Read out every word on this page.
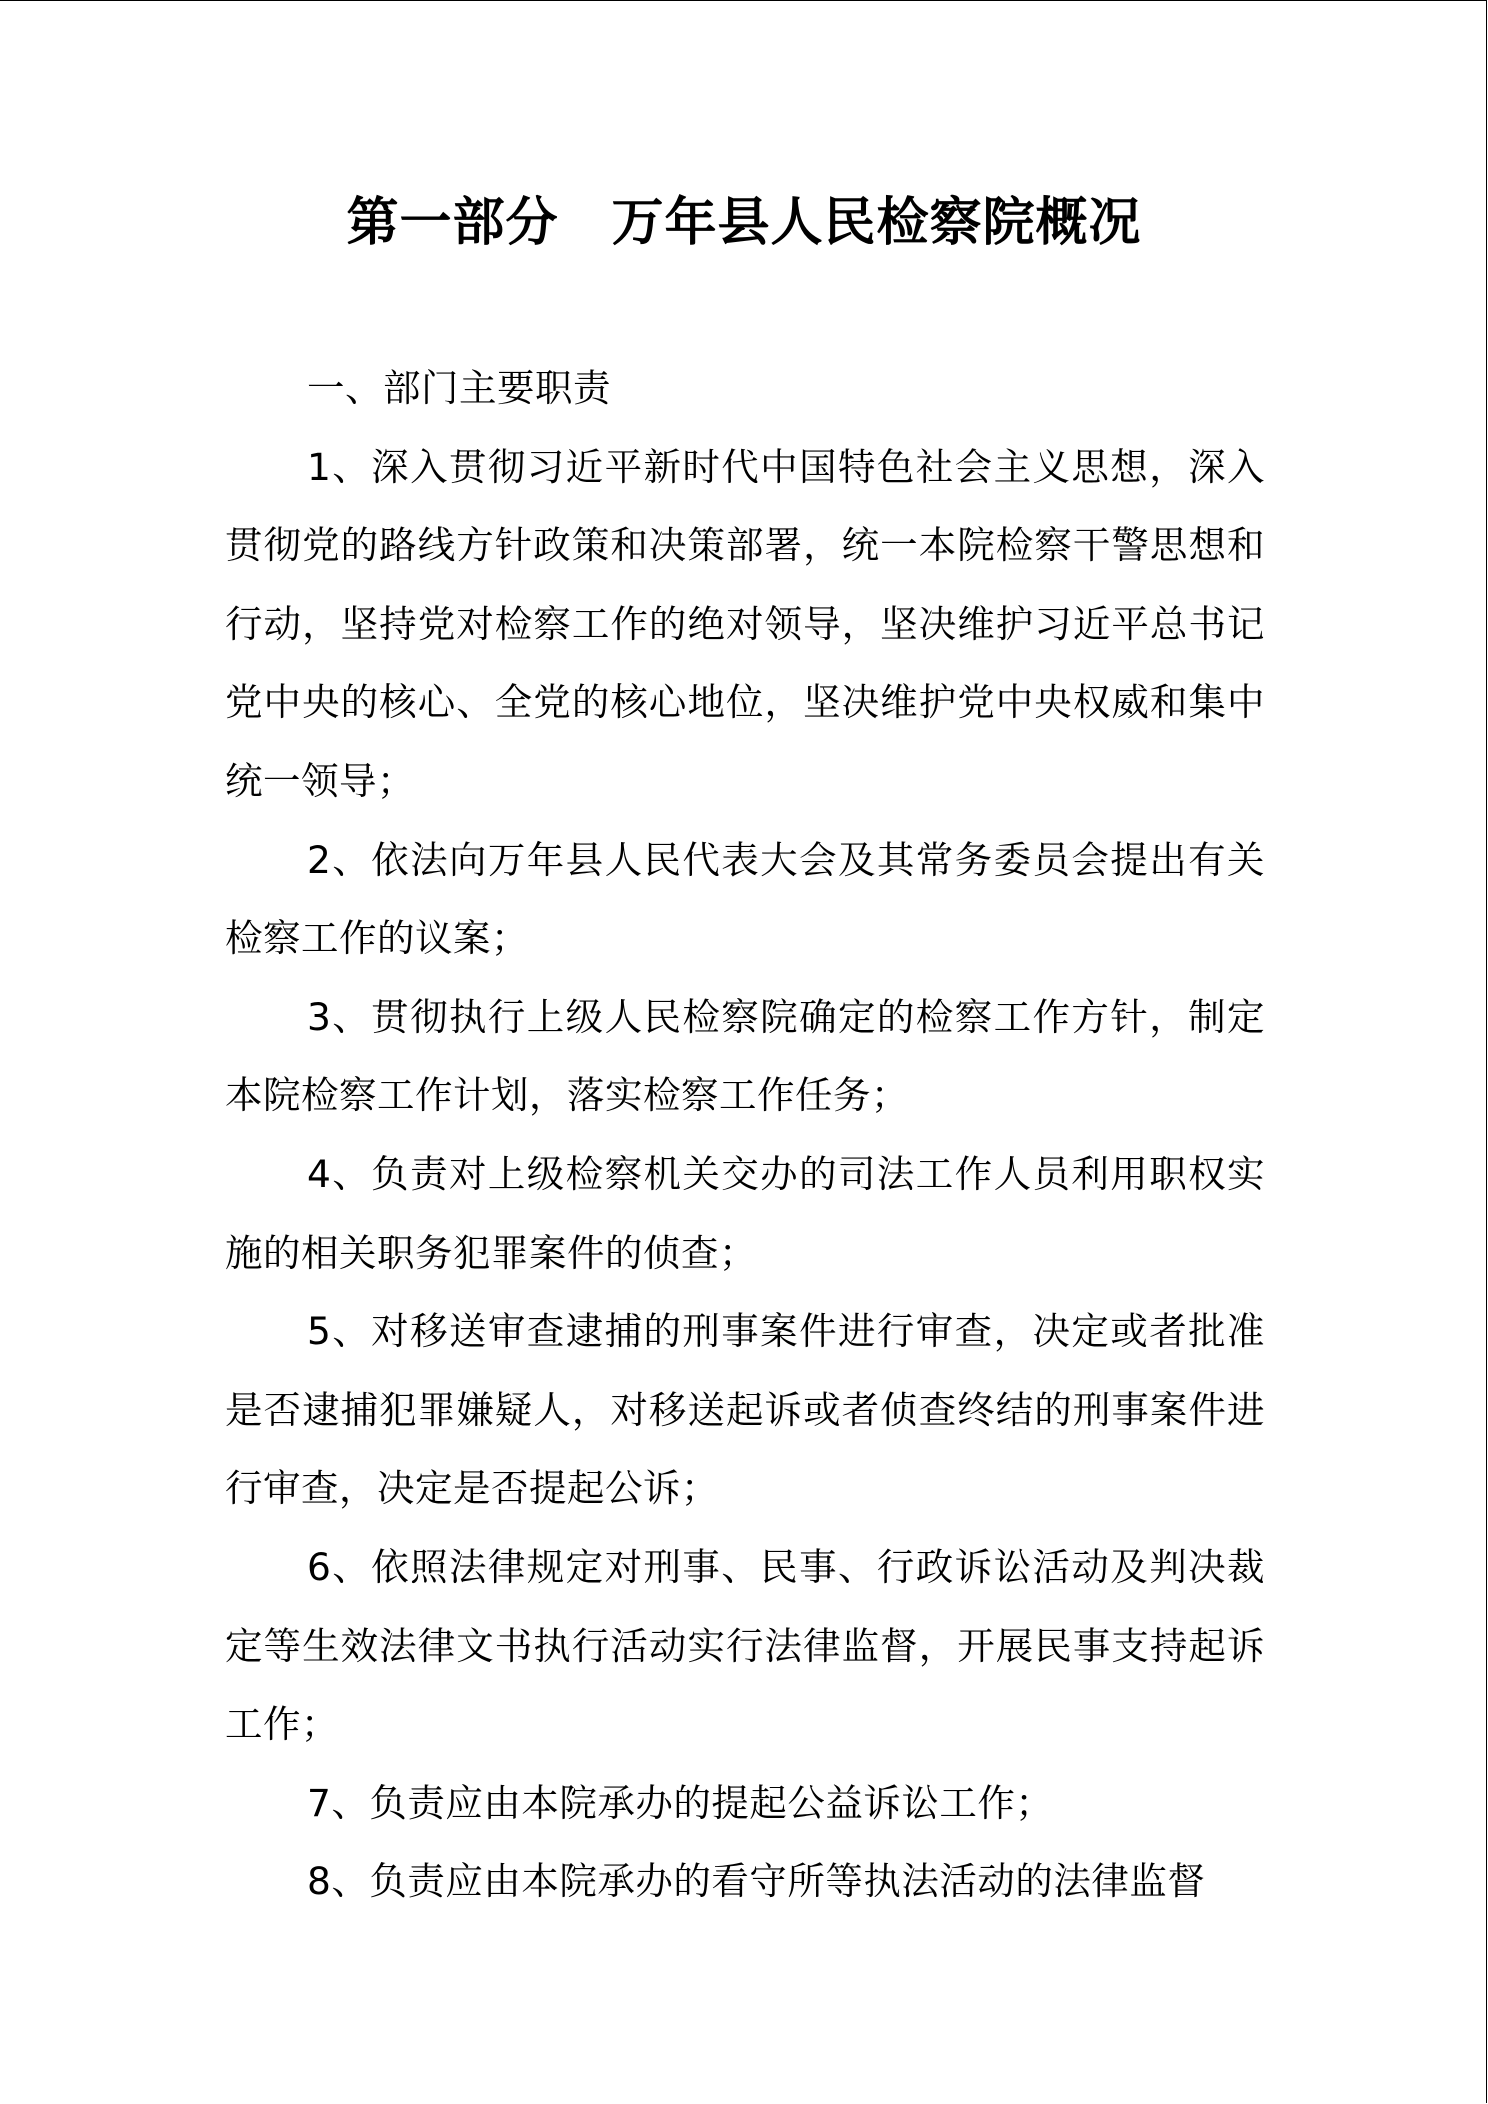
第一部分　万年县人民检察院概况

一、部门主要职责

1、深入贯彻习近平新时代中国特色社会主义思想，深入贯彻党的路线方针政策和决策部署，统一本院检察干警思想和行动，坚持党对检察工作的绝对领导，坚决维护习近平总书记党中央的核心、全党的核心地位，坚决维护党中央权威和集中统一领导；

2、依法向万年县人民代表大会及其常务委员会提出有关检察工作的议案；

3、贯彻执行上级人民检察院确定的检察工作方针，制定本院检察工作计划，落实检察工作任务；

4、负责对上级检察机关交办的司法工作人员利用职权实施的相关职务犯罪案件的侦查；

5、对移送审查逮捕的刑事案件进行审查，决定或者批准是否逮捕犯罪嫌疑人，对移送起诉或者侦查终结的刑事案件进行审查，决定是否提起公诉；

6、依照法律规定对刑事、民事、行政诉讼活动及判决裁定等生效法律文书执行活动实行法律监督，开展民事支持起诉工作；

7、负责应由本院承办的提起公益诉讼工作；

8、负责应由本院承办的看守所等执法活动的法律监督
